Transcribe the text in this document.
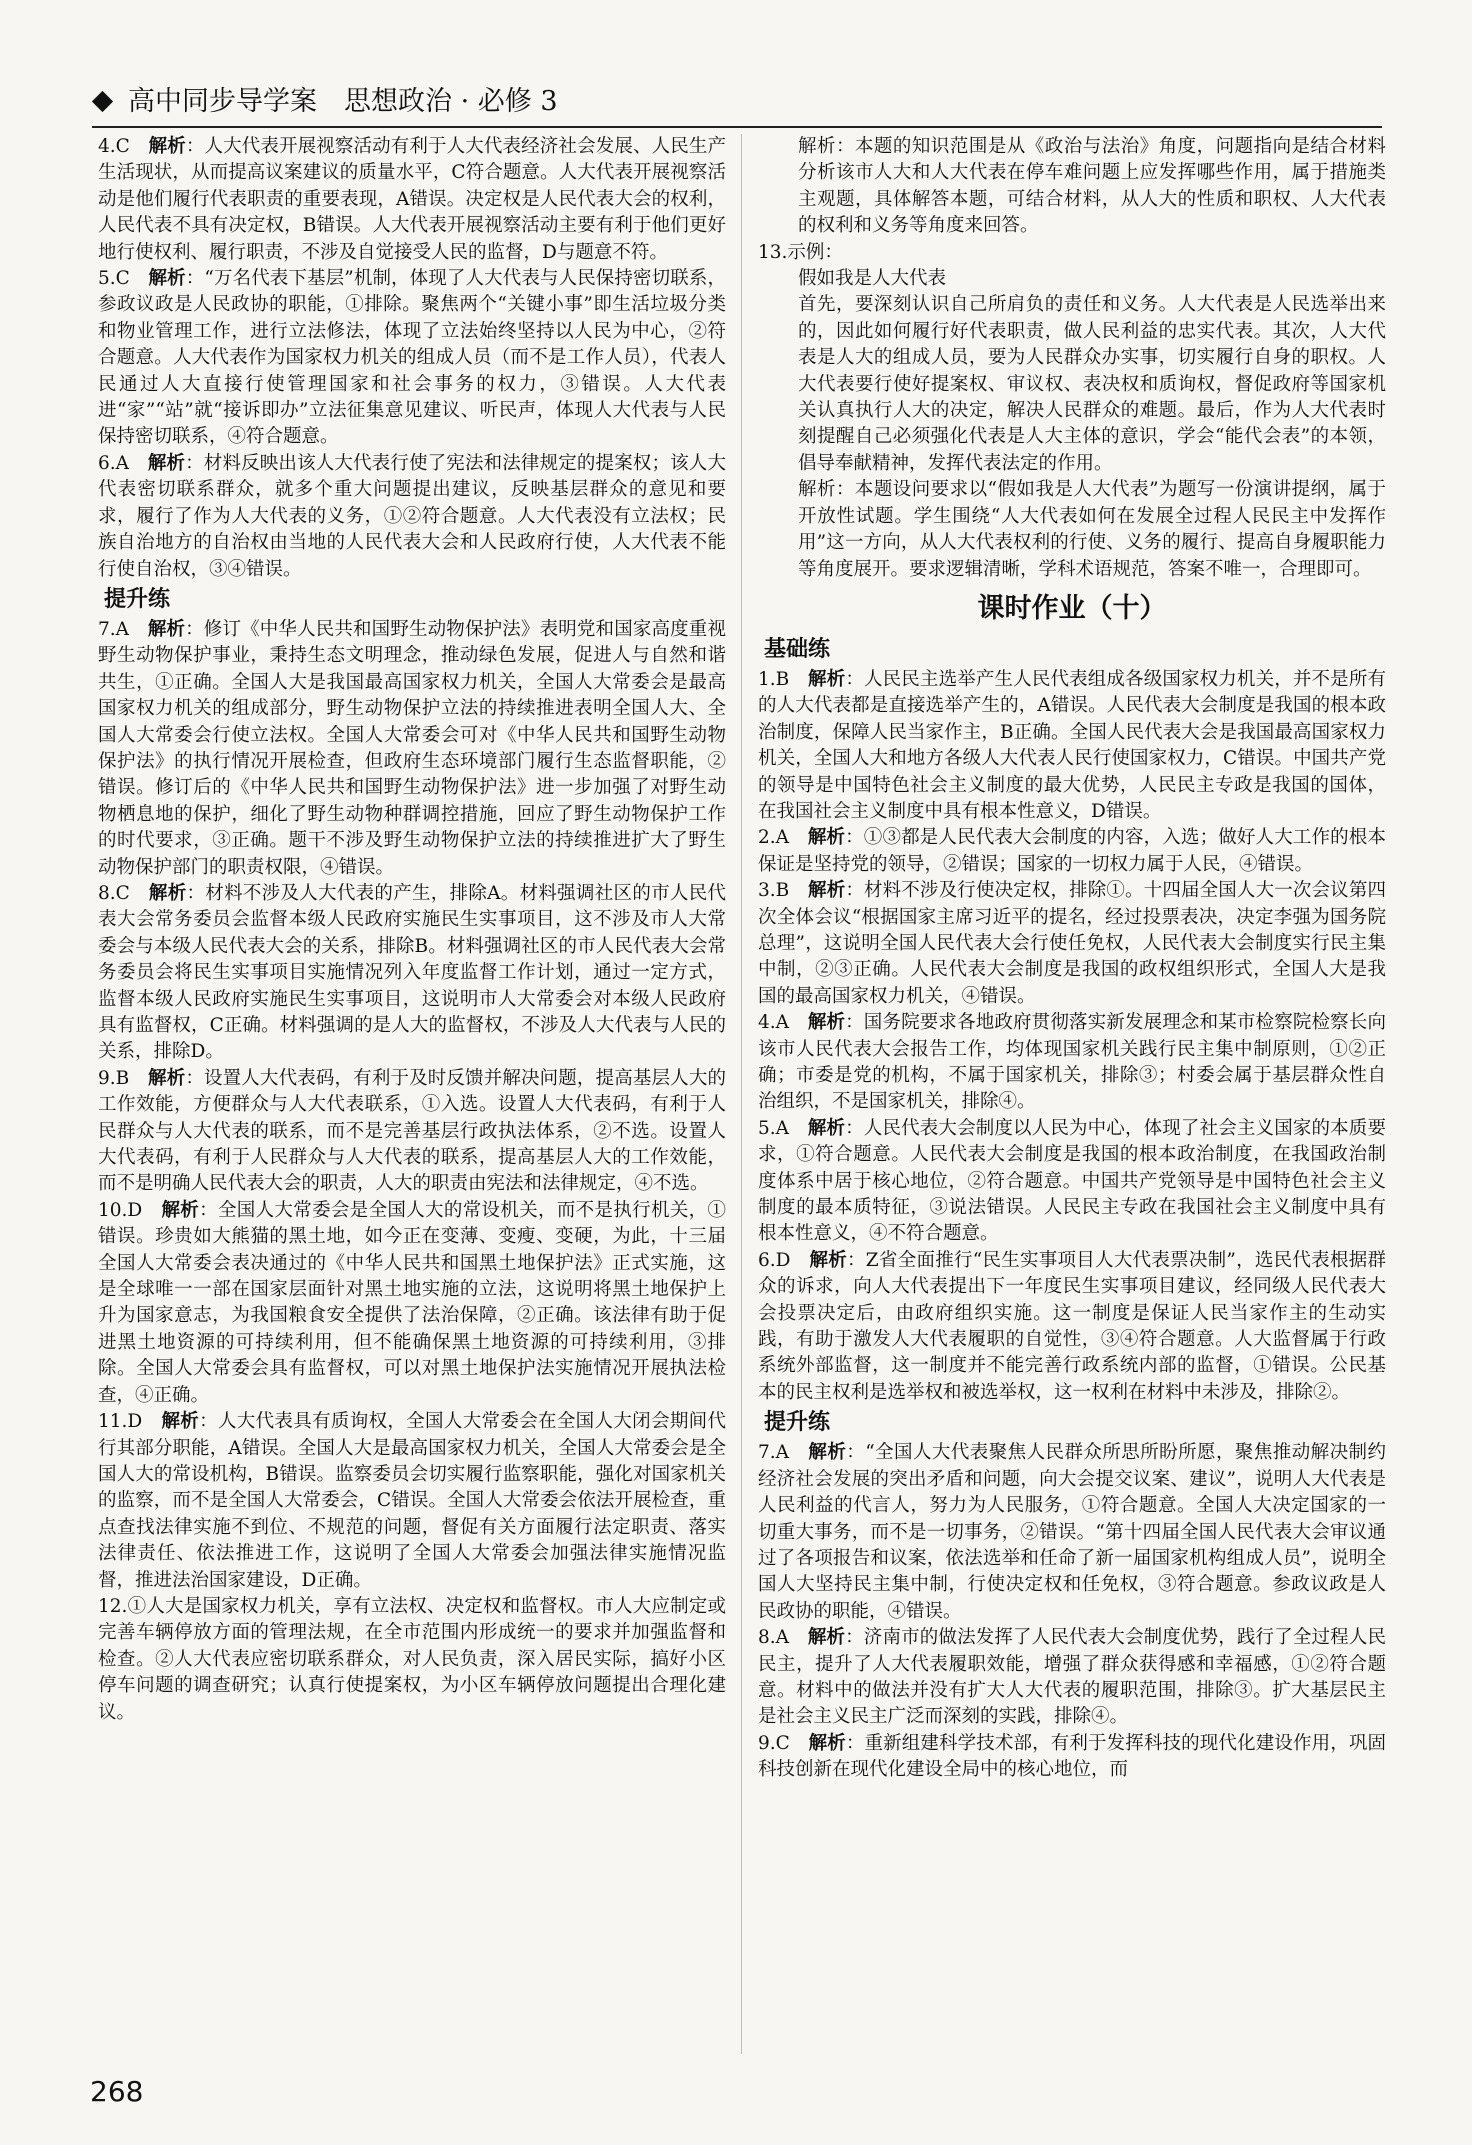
高中同步导学案　思想政治 · 必修 3

4.C　 解析：人大代表开展视察活动有利于人大代表经济社会发展、人民生产生活现状，从而提高议案建议的质量水平，C符合题意。人大代表开展视察活动是他们履行代表职责的重要表现，A错误。决定权是人民代表大会的权利，人民代表不具有决定权，B错误。人大代表开展视察活动主要有利于他们更好地行使权利、履行职责，不涉及自觉接受人民的监督，D与题意不符。

5.C　 解析：“万名代表下基层”机制，体现了人大代表与人民保持密切联系，参政议政是人民政协的职能，①排除。聚焦两个“关键小事”即生活垃圾分类和物业管理工作，进行立法修法，体现了立法始终坚持以人民为中心，②符合题意。人大代表作为国家权力机关的组成人员（而不是工作人员），代表人民通过人大直接行使管理国家和社会事务的权力，③错误。人大代表进“家”“站”就“接诉即办”立法征集意见建议、听民声，体现人大代表与人民保持密切联系，④符合题意。

6.A　 解析：材料反映出该人大代表行使了宪法和法律规定的提案权；该人大代表密切联系群众，就多个重大问题提出建议，反映基层群众的意见和要求，履行了作为人大代表的义务，①②符合题意。人大代表没有立法权；民族自治地方的自治权由当地的人民代表大会和人民政府行使，人大代表不能行使自治权，③④错误。

提升练

7.A　 解析：修订《中华人民共和国野生动物保护法》表明党和国家高度重视野生动物保护事业，秉持生态文明理念，推动绿色发展，促进人与自然和谐共生，①正确。全国人大是我国最高国家权力机关，全国人大常委会是最高国家权力机关的组成部分，野生动物保护立法的持续推进表明全国人大、全国人大常委会行使立法权。全国人大常委会可对《中华人民共和国野生动物保护法》的执行情况开展检查，但政府生态环境部门履行生态监督职能，②错误。修订后的《中华人民共和国野生动物保护法》进一步加强了对野生动物栖息地的保护，细化了野生动物种群调控措施，回应了野生动物保护工作的时代要求，③正确。题干不涉及野生动物保护立法的持续推进扩大了野生动物保护部门的职责权限，④错误。

8.C　 解析：材料不涉及人大代表的产生，排除A。材料强调社区的市人民代表大会常务委员会监督本级人民政府实施民生实事项目，这不涉及市人大常委会与本级人民代表大会的关系，排除B。材料强调社区的市人民代表大会常务委员会将民生实事项目实施情况列入年度监督工作计划，通过一定方式，监督本级人民政府实施民生实事项目，这说明市人大常委会对本级人民政府具有监督权，C正确。材料强调的是人大的监督权，不涉及人大代表与人民的关系，排除D。

9.B　 解析：设置人大代表码，有利于及时反馈并解决问题，提高基层人大的工作效能，方便群众与人大代表联系，①入选。设置人大代表码，有利于人民群众与人大代表的联系，而不是完善基层行政执法体系，②不选。设置人大代表码，有利于人民群众与人大代表的联系，提高基层人大的工作效能，而不是明确人民代表大会的职责，人大的职责由宪法和法律规定，④不选。

10.D　 解析：全国人大常委会是全国人大的常设机关，而不是执行机关，①错误。珍贵如大熊猫的黑土地，如今正在变薄、变瘦、变硬，为此，十三届全国人大常委会表决通过的《中华人民共和国黑土地保护法》正式实施，这是全球唯一一部在国家层面针对黑土地实施的立法，这说明将黑土地保护上升为国家意志，为我国粮食安全提供了法治保障，②正确。该法律有助于促进黑土地资源的可持续利用，但不能确保黑土地资源的可持续利用，③排除。全国人大常委会具有监督权，可以对黑土地保护法实施情况开展执法检查，④正确。

11.D　 解析：人大代表具有质询权，全国人大常委会在全国人大闭会期间代行其部分职能，A错误。全国人大是最高国家权力机关，全国人大常委会是全国人大的常设机构，B错误。监察委员会切实履行监察职能，强化对国家机关的监察，而不是全国人大常委会，C错误。全国人大常委会依法开展检查，重点查找法律实施不到位、不规范的问题，督促有关方面履行法定职责、落实法律责任、依法推进工作，这说明了全国人大常委会加强法律实施情况监督，推进法治国家建设，D正确。

12.①人大是国家权力机关，享有立法权、决定权和监督权。市人大应制定或完善车辆停放方面的管理法规，在全市范围内形成统一的要求并加强监督和检查。②人大代表应密切联系群众，对人民负责，深入居民实际，搞好小区停车问题的调查研究；认真行使提案权，为小区车辆停放问题提出合理化建议。

解析：本题的知识范围是从《政治与法治》角度，问题指向是结合材料分析该市人大和人大代表在停车难问题上应发挥哪些作用，属于措施类主观题，具体解答本题，可结合材料，从人大的性质和职权、人大代表的权利和义务等角度来回答。

13.示例：

假如我是人大代表

首先，要深刻认识自己所肩负的责任和义务。人大代表是人民选举出来的，因此如何履行好代表职责，做人民利益的忠实代表。其次，人大代表是人大的组成人员，要为人民群众办实事，切实履行自身的职权。人大代表要行使好提案权、审议权、表决权和质询权，督促政府等国家机关认真执行人大的决定，解决人民群众的难题。最后，作为人大代表时刻提醒自己必须强化代表是人大主体的意识，学会“能代会表”的本领，倡导奉献精神，发挥代表法定的作用。

解析：本题设问要求以“假如我是人大代表”为题写一份演讲提纲，属于开放性试题。学生围绕“人大代表如何在发展全过程人民民主中发挥作用”这一方向，从人大代表权利的行使、义务的履行、提高自身履职能力等角度展开。要求逻辑清晰，学科术语规范，答案不唯一，合理即可。

课时作业（十）
基础练

1.B　 解析：人民民主选举产生人民代表组成各级国家权力机关，并不是所有的人大代表都是直接选举产生的，A错误。人民代表大会制度是我国的根本政治制度，保障人民当家作主，B正确。全国人民代表大会是我国最高国家权力机关，全国人大和地方各级人大代表人民行使国家权力，C错误。中国共产党的领导是中国特色社会主义制度的最大优势，人民民主专政是我国的国体，在我国社会主义制度中具有根本性意义，D错误。

2.A　 解析：①③都是人民代表大会制度的内容，入选；做好人大工作的根本保证是坚持党的领导，②错误；国家的一切权力属于人民，④错误。

3.B　 解析：材料不涉及行使决定权，排除①。十四届全国人大一次会议第四次全体会议“根据国家主席习近平的提名，经过投票表决，决定李强为国务院总理”，这说明全国人民代表大会行使任免权，人民代表大会制度实行民主集中制，②③正确。人民代表大会制度是我国的政权组织形式，全国人大是我国的最高国家权力机关，④错误。

4.A　 解析：国务院要求各地政府贯彻落实新发展理念和某市检察院检察长向该市人民代表大会报告工作，均体现国家机关践行民主集中制原则，①②正确；市委是党的机构，不属于国家机关，排除③；村委会属于基层群众性自治组织，不是国家机关，排除④。

5.A　 解析：人民代表大会制度以人民为中心，体现了社会主义国家的本质要求，①符合题意。人民代表大会制度是我国的根本政治制度，在我国政治制度体系中居于核心地位，②符合题意。中国共产党领导是中国特色社会主义制度的最本质特征，③说法错误。人民民主专政在我国社会主义制度中具有根本性意义，④不符合题意。

6.D　 解析：Z省全面推行“民生实事项目人大代表票决制”，选民代表根据群众的诉求，向人大代表提出下一年度民生实事项目建议，经同级人民代表大会投票决定后，由政府组织实施。这一制度是保证人民当家作主的生动实践，有助于激发人大代表履职的自觉性，③④符合题意。人大监督属于行政系统外部监督，这一制度并不能完善行政系统内部的监督，①错误。公民基本的民主权利是选举权和被选举权，这一权利在材料中未涉及，排除②。

提升练

7.A　 解析：“全国人大代表聚焦人民群众所思所盼所愿，聚焦推动解决制约经济社会发展的突出矛盾和问题，向大会提交议案、建议”，说明人大代表是人民利益的代言人，努力为人民服务，①符合题意。全国人大决定国家的一切重大事务，而不是一切事务，②错误。“第十四届全国人民代表大会审议通过了各项报告和议案，依法选举和任命了新一届国家机构组成人员”，说明全国人大坚持民主集中制，行使决定权和任免权，③符合题意。参政议政是人民政协的职能，④错误。

8.A　 解析：济南市的做法发挥了人民代表大会制度优势，践行了全过程人民民主，提升了人大代表履职效能，增强了群众获得感和幸福感，①②符合题意。材料中的做法并没有扩大人大代表的履职范围，排除③。扩大基层民主是社会主义民主广泛而深刻的实践，排除④。

9.C　 解析：重新组建科学技术部，有利于发挥科技的现代化建设作用，巩固科技创新在现代化建设全局中的核心地位，而

268
